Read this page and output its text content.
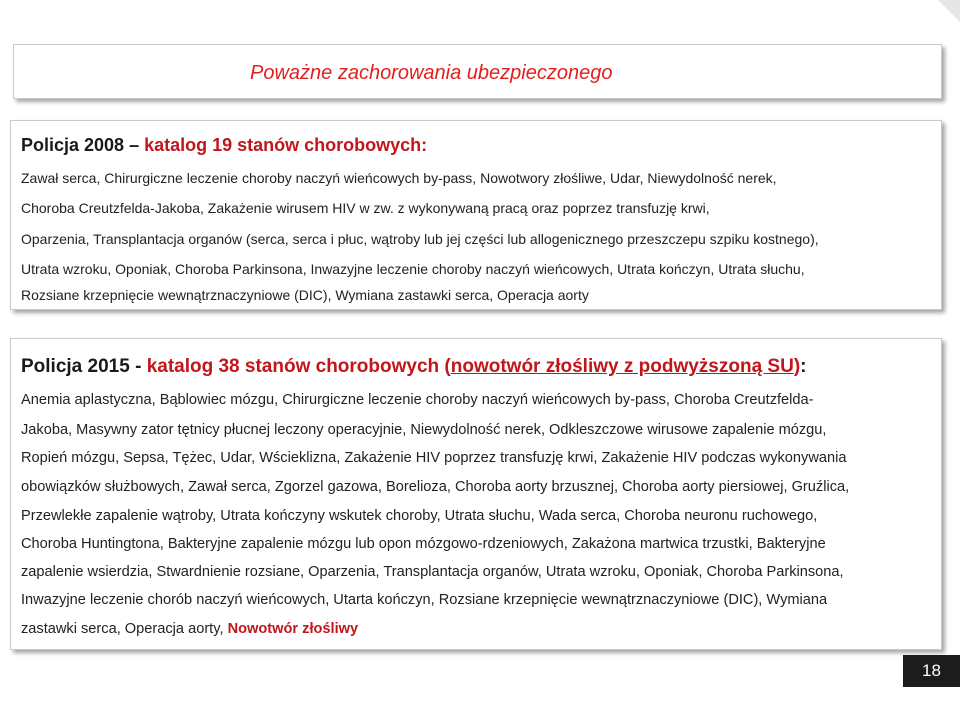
Poważne zachorowania ubezpieczonego
Policja 2008 – katalog 19 stanów chorobowych:
Zawał serca, Chirurgiczne leczenie choroby naczyń wieńcowych by-pass, Nowotwory złośliwe, Udar, Niewydolność nerek,
Choroba Creutzfelda-Jakoba, Zakażenie wirusem HIV w zw. z wykonywaną pracą oraz poprzez transfuzję krwi,
Oparzenia, Transplantacja organów (serca, serca i płuc, wątroby lub jej części lub allogenicznego przeszczepu szpiku kostnego),
Utrata wzroku, Oponiak, Choroba Parkinsona, Inwazyjne leczenie choroby naczyń wieńcowych, Utrata kończyn, Utrata słuchu,
Rozsiane krzepnięcie wewnątrznaczyniowe (DIC), Wymiana zastawki serca, Operacja aorty
Policja 2015 - katalog 38 stanów chorobowych (nowotwór złośliwy z podwyższoną SU):
Anemia aplastyczna, Bąblowiec mózgu, Chirurgiczne leczenie choroby naczyń wieńcowych by-pass, Choroba Creutzfelda-
Jakoba, Masywny zator tętnicy płucnej leczony operacyjnie, Niewydolność nerek, Odkleszczowe wirusowe zapalenie mózgu,
Ropień mózgu, Sepsa, Tężec, Udar, Wścieklizna, Zakażenie HIV poprzez transfuzję krwi, Zakażenie HIV podczas wykonywania
obowiązków służbowych, Zawał serca, Zgorzel gazowa, Borelioza, Choroba aorty brzusznej, Choroba aorty piersiowej, Gruźlica,
Przewlekłe zapalenie wątroby, Utrata kończyny wskutek choroby, Utrata słuchu, Wada serca, Choroba neuronu ruchowego,
Choroba Huntingtona, Bakteryjne zapalenie mózgu lub opon mózgowo-rdzeniowych, Zakażona martwica trzustki, Bakteryjne
zapalenie wsierdzia, Stwardnienie rozsiane, Oparzenia, Transplantacja organów, Utrata wzroku, Oponiak, Choroba Parkinsona,
Inwazyjne leczenie chorób naczyń wieńcowych, Utarta kończyn, Rozsiane krzepnięcie wewnątrznaczyniowe (DIC), Wymiana
zastawki serca, Operacja aorty, Nowotwór złośliwy
18
